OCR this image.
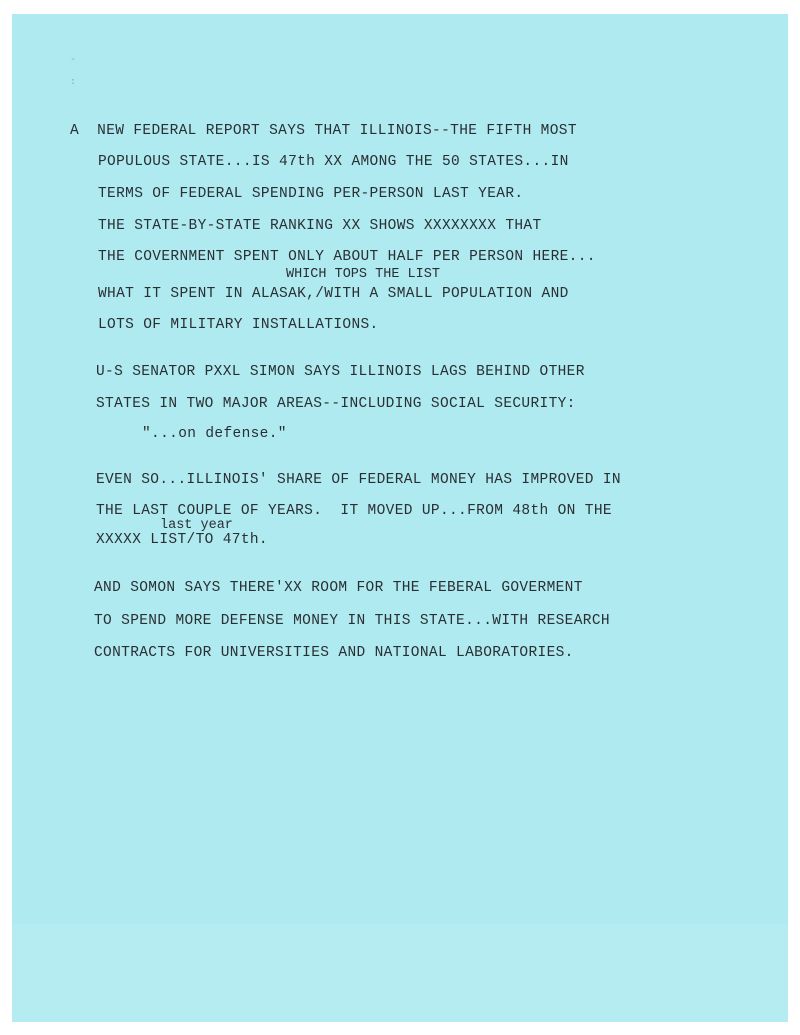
-

:
A  NEW FEDERAL REPORT SAYS THAT ILLINOIS--THE FIFTH MOST
POPULOUS STATE...IS 47th XX AMONG THE 50 STATES...IN
TERMS OF FEDERAL SPENDING PER-PERSON LAST YEAR.
THE STATE-BY-STATE RANKING XX SHOWS XXXXXXXX THAT
THE COVERNMENT SPENT ONLY ABOUT HALF PER PERSON HERE...
WHICH TOPS THE LIST
WHAT IT SPENT IN ALASAK,/WITH A SMALL POPULATION AND
LOTS OF MILITARY INSTALLATIONS.
U-S SENATOR PXXL SIMON SAYS ILLINOIS LAGS BEHIND OTHER
STATES IN TWO MAJOR AREAS--INCLUDING SOCIAL SECURITY:
"...on defense."
EVEN SO...ILLINOIS' SHARE OF FEDERAL MONEY HAS IMPROVED IN
THE LAST COUPLE OF YEARS.  IT MOVED UP...FROM 48th ON THE
last year
XXXXX LIST/TO 47th.
AND SOMON SAYS THERE'XX ROOM FOR THE FEBERAL GOVERMENT
TO SPEND MORE DEFENSE MONEY IN THIS STATE...WITH RESEARCH
CONTRACTS FOR UNIVERSITIES AND NATIONAL LABORATORIES.
